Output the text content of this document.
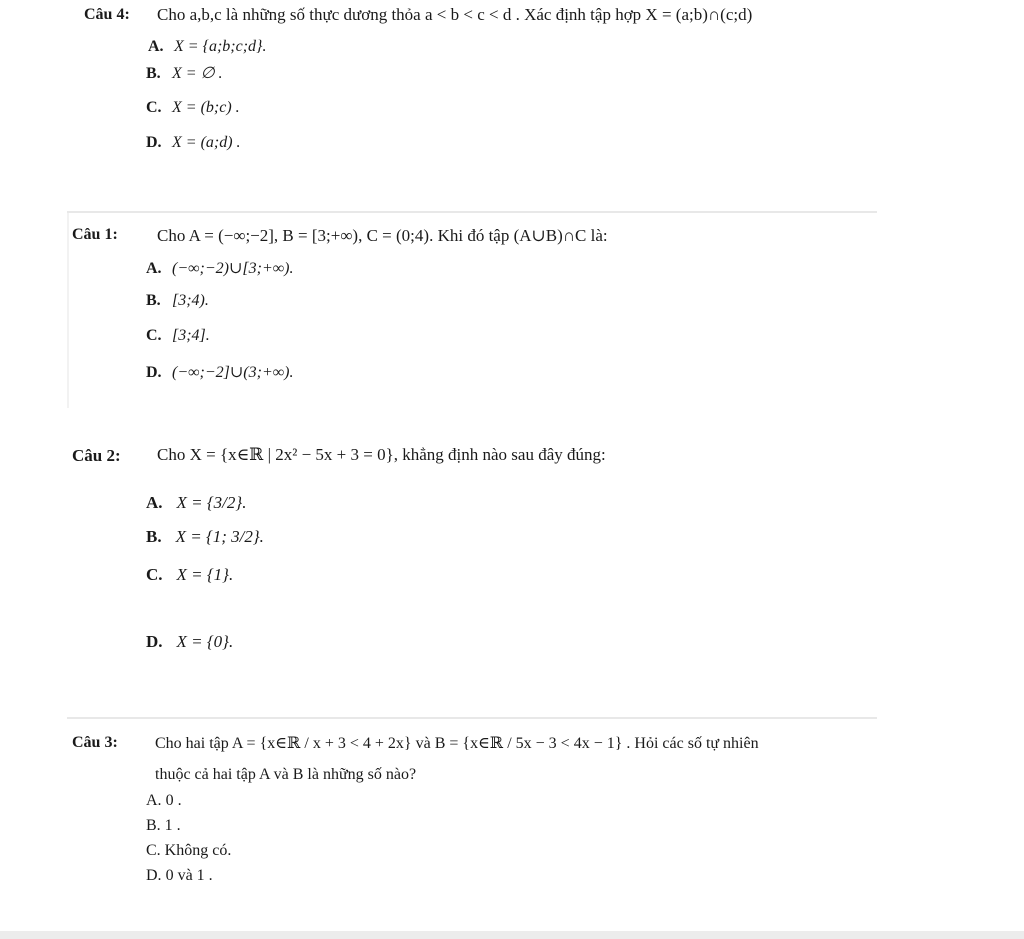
Câu 4: Cho a,b,c là những số thực dương thỏa a < b < c < d . Xác định tập hợp X = (a;b)∩(c;d)
A. X = {a;b;c;d}.
B. X = ∅ .
C. X = (b;c) .
D. X = (a;d) .
Câu 1: Cho A = (−∞;−2], B = [3;+∞), C = (0;4). Khi đó tập (A∪B)∩C là:
A. (−∞;−2)∪[3;+∞).
B. [3;4).
C. [3;4].
D. (−∞;−2]∪(3;+∞).
Câu 2: Cho X = {x∈ℝ | 2x² − 5x + 3 = 0}, khẳng định nào sau đây đúng:
A. X = {3/2}.
B. X = {1; 3/2}.
C. X = {1}.
D. X = {0}.
Câu 3: Cho hai tập A = {x∈ℝ / x + 3 < 4 + 2x} và B = {x∈ℝ / 5x − 3 < 4x − 1} . Hỏi các số tự nhiên
thuộc cả hai tập A và B là những số nào?
A. 0 .
B. 1 .
C. Không có.
D. 0 và 1 .
